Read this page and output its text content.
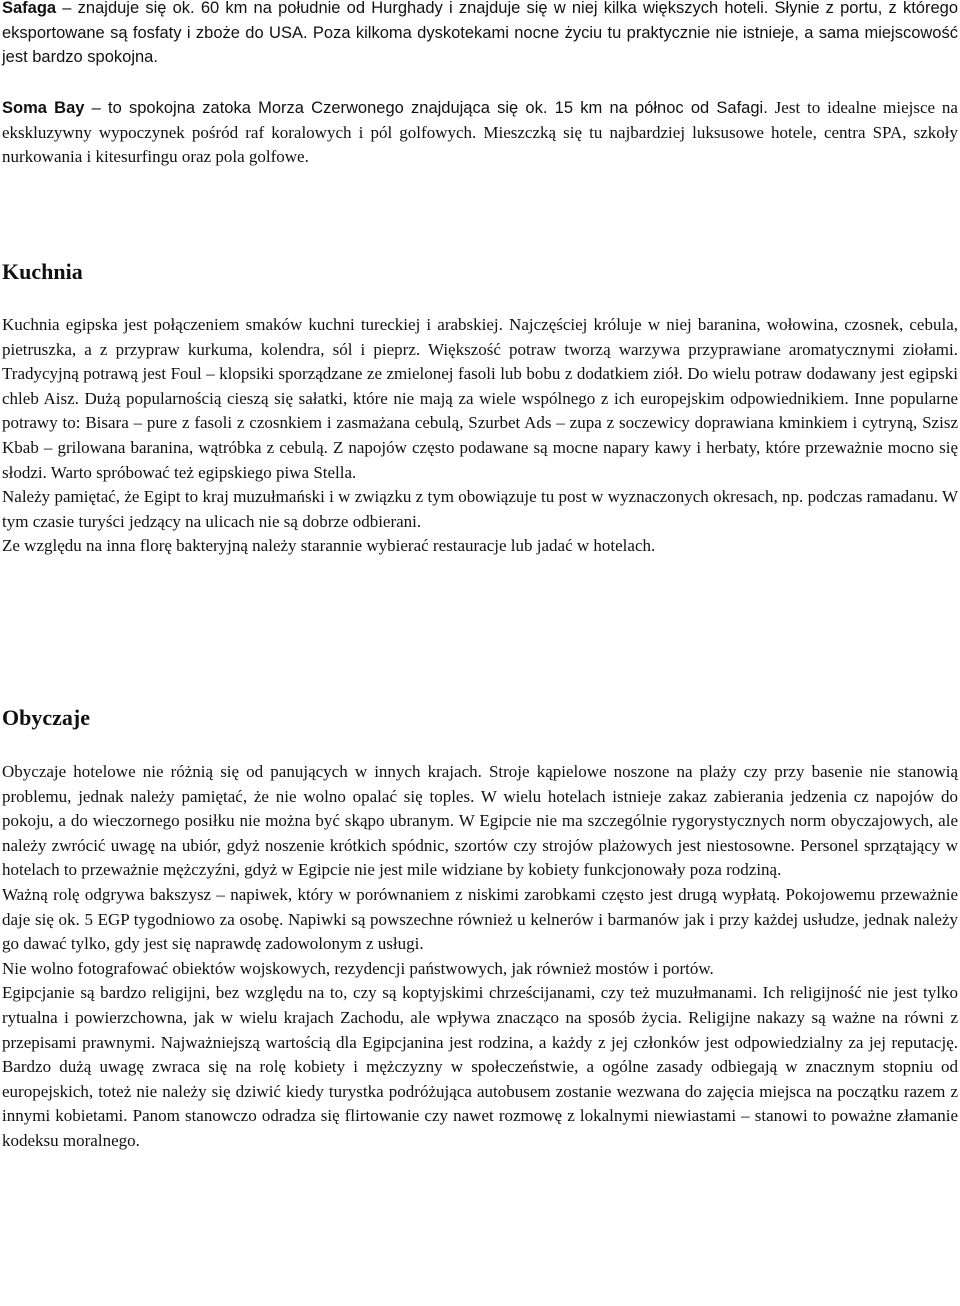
Safaga – znajduje się ok. 60 km na południe od Hurghady i znajduje się w niej kilka większych hoteli. Słynie z portu, z którego eksportowane są fosfaty i zboże do USA. Poza kilkoma dyskotekami nocne życiu tu praktycznie nie istnieje, a sama miejscowość jest bardzo spokojna.

Soma Bay – to spokojna zatoka Morza Czerwonego znajdująca się ok. 15 km na północ od Safagi. Jest to idealne miejsce na ekskluzywny wypoczynek pośród raf koralowych i pól golfowych. Mieszczką się tu najbardziej luksusowe hotele, centra SPA, szkoły nurkowania i kitesurfingu oraz pola golfowe.

Kuchnia

Kuchnia egipska jest połączeniem smaków kuchni tureckiej i arabskiej. Najczęściej króluje w niej baranina, wołowina, czosnek, cebula, pietruszka, a z przypraw kurkuma, kolendra, sól i pieprz. Większość potraw tworzą warzywa przyprawiane aromatycznymi ziołami. Tradycyjną potrawą jest Foul – klopsiki sporządzane ze zmielonej fasoli lub bobu z dodatkiem ziół. Do wielu potraw dodawany jest egipski chleb Aisz. Dużą popularnością cieszą się sałatki, które nie mają za wiele wspólnego z ich europejskim odpowiednikiem. Inne popularne potrawy to: Bisara – pure z fasoli z czosnkiem i zasmażana cebulą, Szurbet Ads – zupa z soczewicy doprawiana kminkiem i cytryną, Szisz Kbab – grilowana baranina, wątróbka z cebulą. Z napojów często podawane są mocne napary kawy i herbaty, które przeważnie mocno się słodzi. Warto spróbować też egipskiego piwa Stella.

Należy pamiętać, że Egipt to kraj muzułmański i w związku z tym obowiązuje tu post w wyznaczonych okresach, np. podczas ramadanu. W tym czasie turyści jedzący na ulicach nie są dobrze odbierani.

Ze względu na inna florę bakteryjną należy starannie wybierać restauracje lub jadać w hotelach.

Obyczaje

Obyczaje hotelowe nie różnią się od panujących w innych krajach. Stroje kąpielowe noszone na plaży czy przy basenie nie stanowią problemu, jednak należy pamiętać, że nie wolno opalać się toples. W wielu hotelach istnieje zakaz zabierania jedzenia cz napojów do pokoju, a do wieczornego posiłku nie można być skąpo ubranym. W Egipcie nie ma szczególnie rygorystycznych norm obyczajowych, ale należy zwrócić uwagę na ubiór, gdyż noszenie krótkich spódnic, szortów czy strojów plażowych jest niestosowne. Personel sprzątający w hotelach to przeważnie mężczyźni, gdyż w Egipcie nie jest mile widziane by kobiety funkcjonowały poza rodziną.

Ważną rolę odgrywa bakszysz – napiwek, który w porównaniem z niskimi zarobkami często jest drugą wypłatą. Pokojowemu przeważnie daje się ok. 5 EGP tygodniowo za osobę. Napiwki są powszechne również u kelnerów i barmanów jak i przy każdej usłudze, jednak należy go dawać tylko, gdy jest się naprawdę zadowolonym z usługi.

Nie wolno fotografować obiektów wojskowych, rezydencji państwowych, jak również mostów i portów.

Egipcjanie są bardzo religijni, bez względu na to, czy są koptyjskimi chrześcijanami, czy też muzułmanami. Ich religijność nie jest tylko rytualna i powierzchowna, jak w wielu krajach Zachodu, ale wpływa znacząco na sposób życia. Religijne nakazy są ważne na równi z przepisami prawnymi. Najważniejszą wartością dla Egipcjanina jest rodzina, a każdy z jej członków jest odpowiedzialny za jej reputację. Bardzo dużą uwagę zwraca się na rolę kobiety i mężczyzny w społeczeństwie, a ogólne zasady odbiegają w znacznym stopniu od europejskich, toteż nie należy się dziwić kiedy turystka podróżująca autobusem zostanie wezwana do zajęcia miejsca na początku razem z innymi kobietami. Panom stanowczo odradza się flirtowanie czy nawet rozmowę z lokalnymi niewiastami – stanowi to poważne złamanie kodeksu moralnego.
